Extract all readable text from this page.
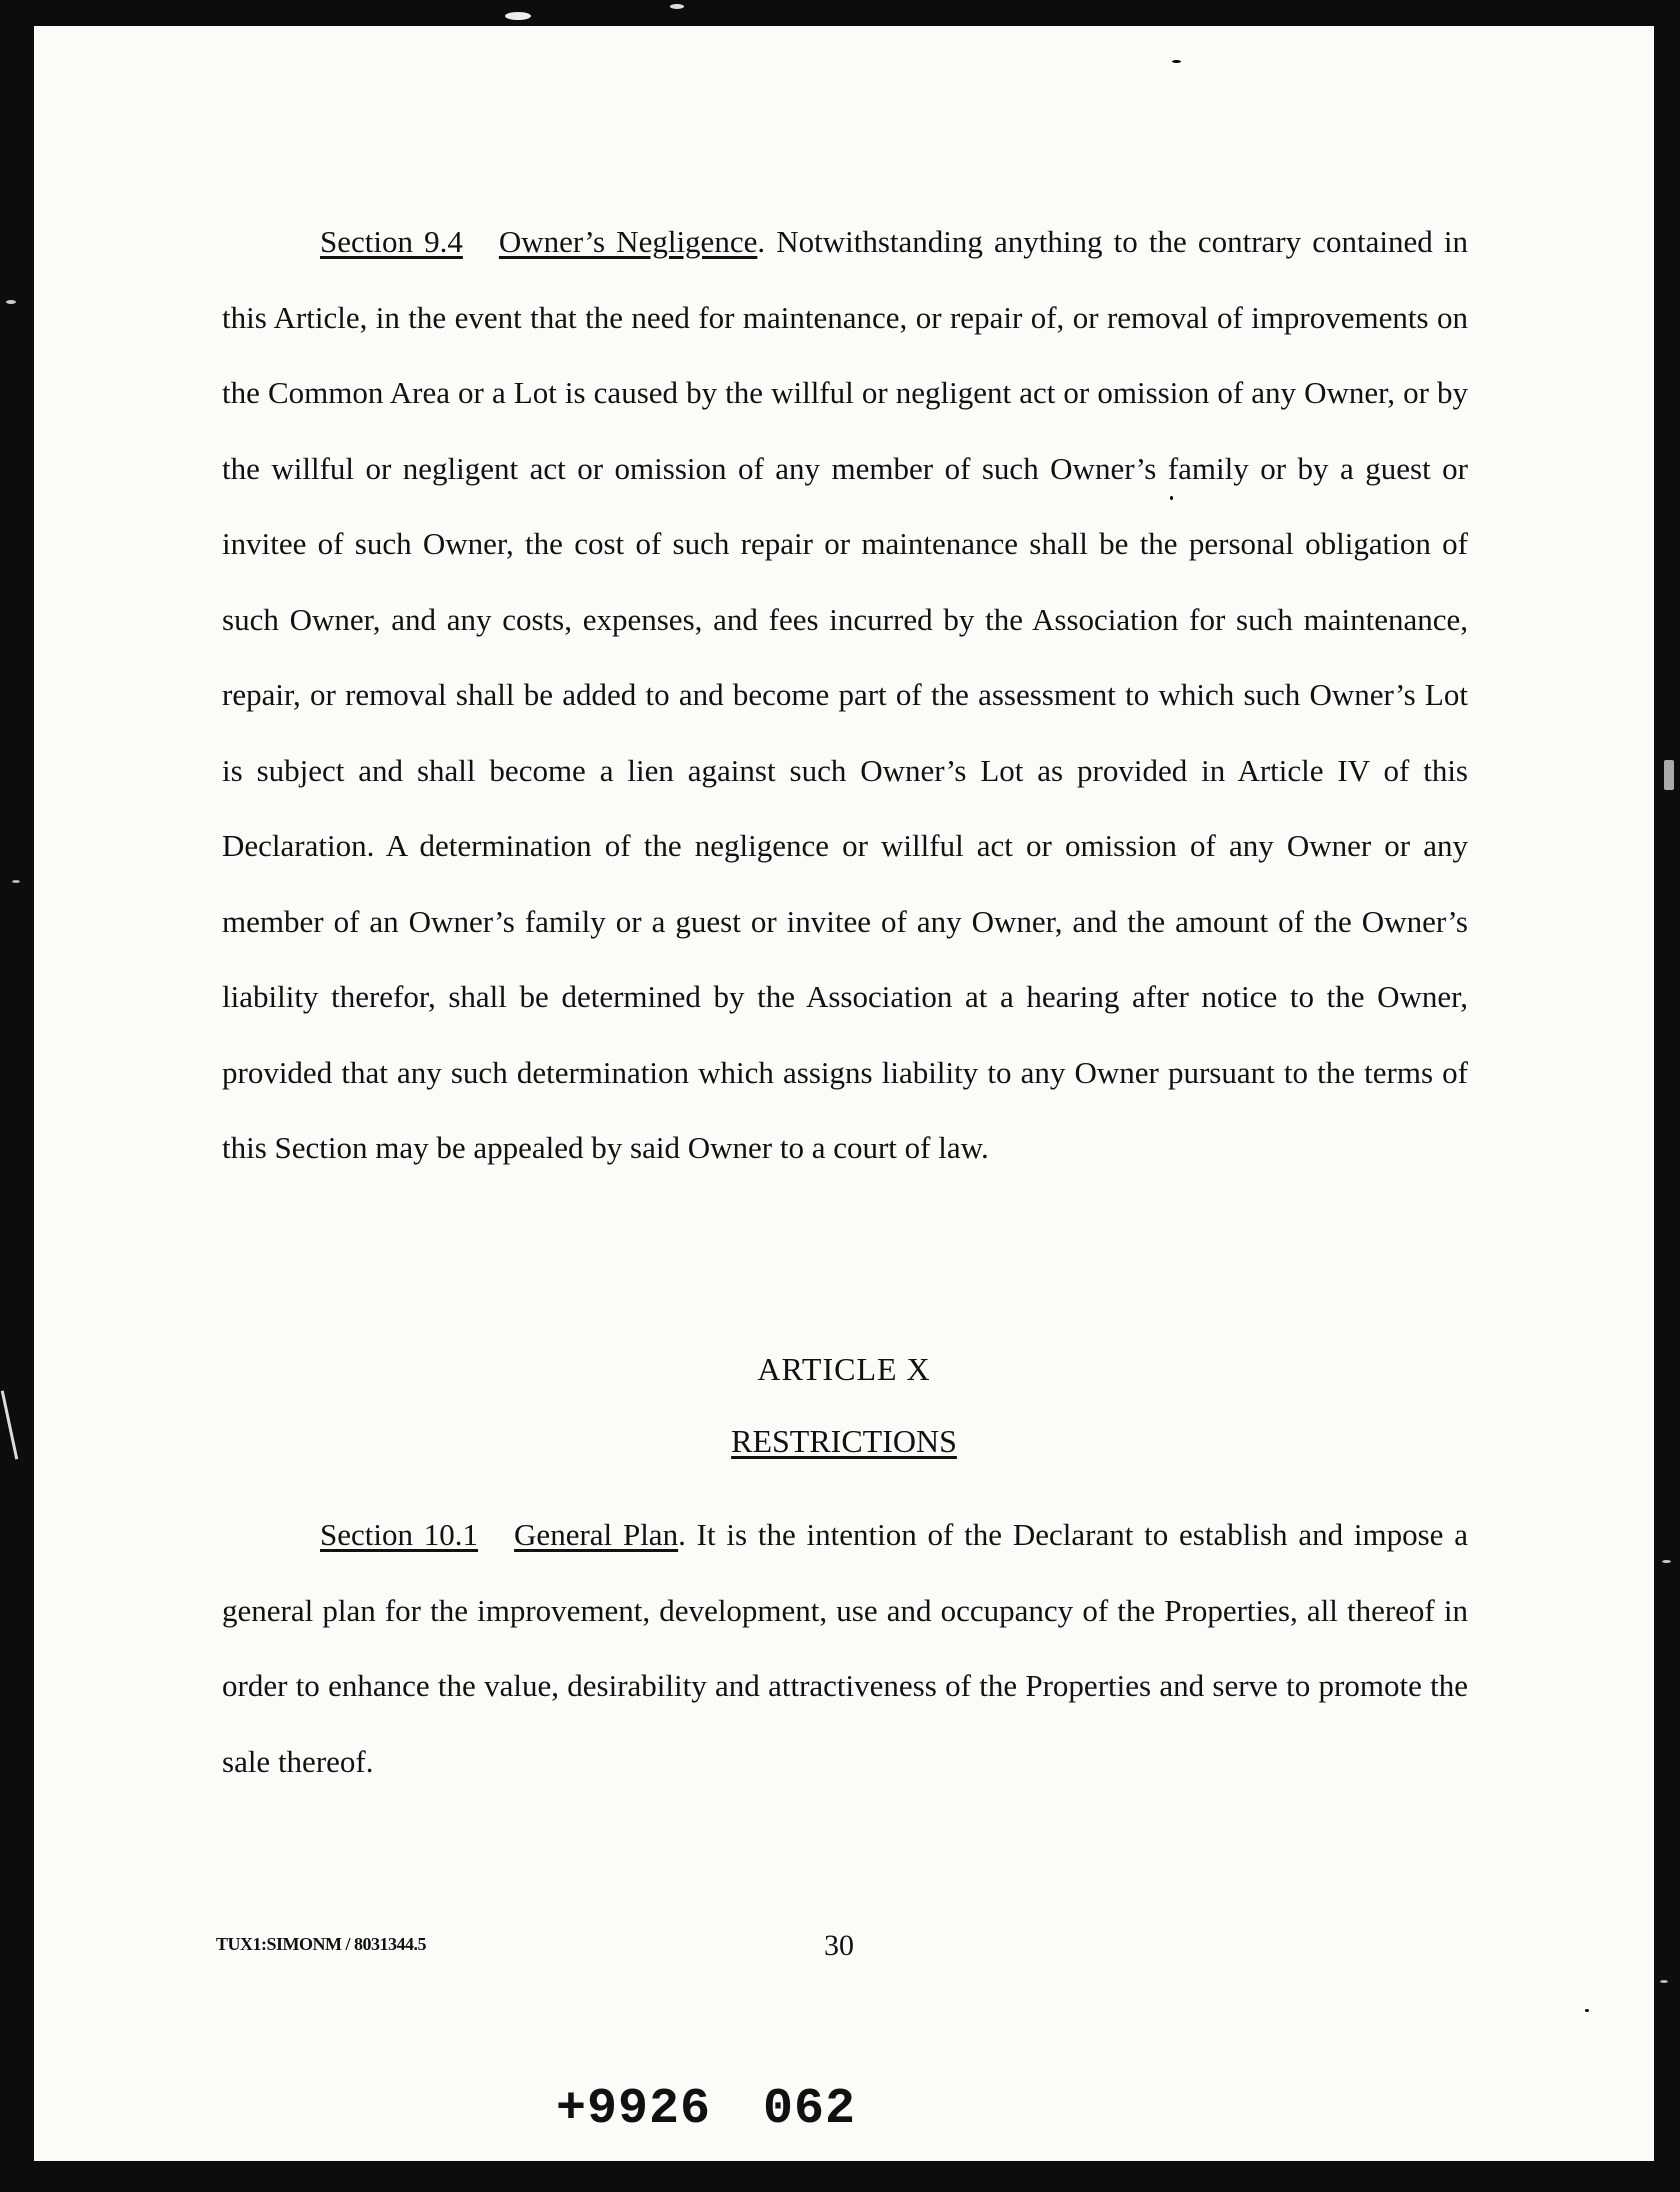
Section 9.4 Owner’s Negligence. Notwithstanding anything to the contrary contained in this Article, in the event that the need for maintenance, or repair of, or removal of improvements on the Common Area or a Lot is caused by the willful or negligent act or omission of any Owner, or by the willful or negligent act or omission of any member of such Owner’s family or by a guest or invitee of such Owner, the cost of such repair or maintenance shall be the personal obligation of such Owner, and any costs, expenses, and fees incurred by the Association for such maintenance, repair, or removal shall be added to and become part of the assessment to which such Owner’s Lot is subject and shall become a lien against such Owner’s Lot as provided in Article IV of this Declaration. A determination of the negligence or willful act or omission of any Owner or any member of an Owner’s family or a guest or invitee of any Owner, and the amount of the Owner’s liability therefor, shall be determined by the Association at a hearing after notice to the Owner, provided that any such determination which assigns liability to any Owner pursuant to the terms of this Section may be appealed by said Owner to a court of law.

ARTICLE X

RESTRICTIONS

Section 10.1 General Plan. It is the intention of the Declarant to establish and impose a general plan for the improvement, development, use and occupancy of the Properties, all thereof in order to enhance the value, desirability and attractiveness of the Properties and serve to promote the sale thereof.

TUX1:SIMONM / 8031344.5	30

+9926 062
